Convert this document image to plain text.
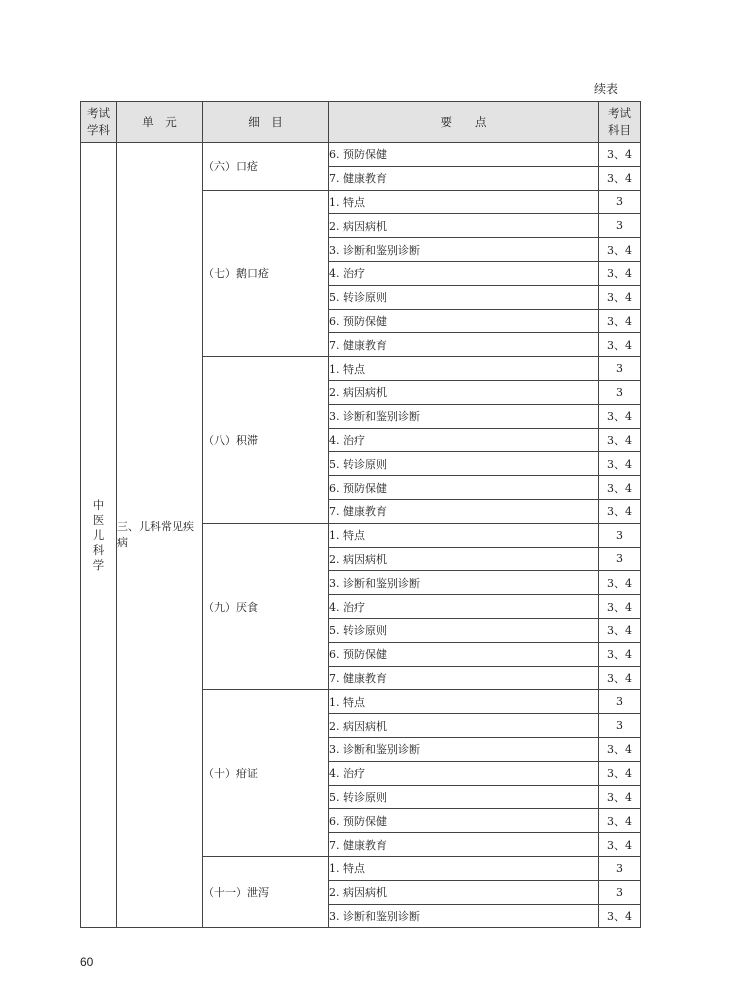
续表
考试学科	单　元	细　目	要　　点	考试科目
中医儿科学	三、儿科常见疾病	（六）口疮	6. 预防保健	3、4
			7. 健康教育	3、4
		（七）鹅口疮	1. 特点	3
			2. 病因病机	3
			3. 诊断和鉴别诊断	3、4
			4. 治疗	3、4
			5. 转诊原则	3、4
			6. 预防保健	3、4
			7. 健康教育	3、4
		（八）积滞	1. 特点	3
			2. 病因病机	3
			3. 诊断和鉴别诊断	3、4
			4. 治疗	3、4
			5. 转诊原则	3、4
			6. 预防保健	3、4
			7. 健康教育	3、4
		（九）厌食	1. 特点	3
			2. 病因病机	3
			3. 诊断和鉴别诊断	3、4
			4. 治疗	3、4
			5. 转诊原则	3、4
			6. 预防保健	3、4
			7. 健康教育	3、4
		（十）疳证	1. 特点	3
			2. 病因病机	3
			3. 诊断和鉴别诊断	3、4
			4. 治疗	3、4
			5. 转诊原则	3、4
			6. 预防保健	3、4
			7. 健康教育	3、4
		（十一）泄泻	1. 特点	3
			2. 病因病机	3
			3. 诊断和鉴别诊断	3、4
60
